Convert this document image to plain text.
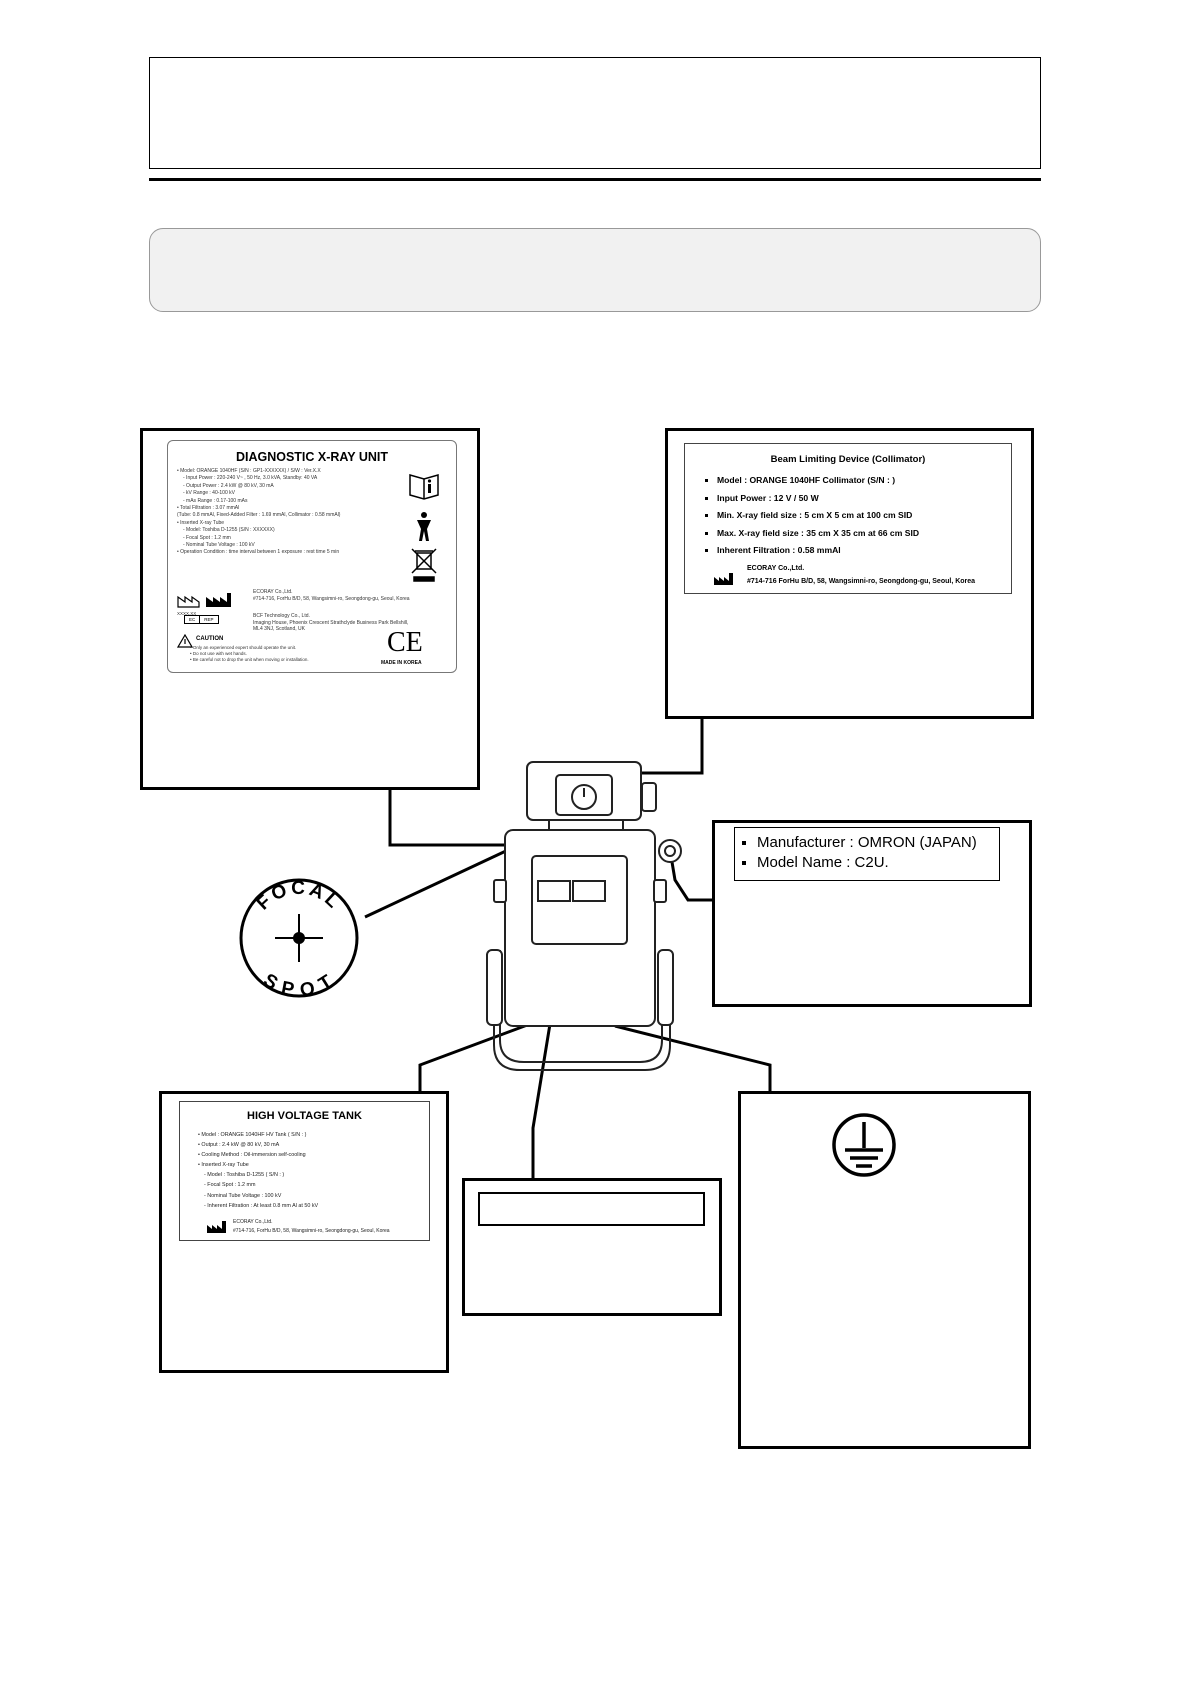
FOCAL
SPOT
DIAGNOSTIC X-RAY UNIT
• Model: ORANGE 1040HF (S/N : GP1-XXXXXX) / S/W : Ver.X.X
- Input Power : 220-240 V~ , 50 Hz, 3.0 kVA, Standby: 40 VA
- Output Power : 2.4 kW @ 80 kV, 30 mA
- kV Range : 40-100 kV
- mAs Range : 0.17-100 mAs
• Total Filtration : 3.07 mmAl
(Tube: 0.8 mmAl, Fixed-Added Filter : 1.69 mmAl, Collimator : 0.58 mmAl)
• Inserted X-ray Tube
- Model: Toshiba D-1255 (S/N : XXXXXX)
- Focal Spot : 1.2 mm
- Nominal Tube Voltage : 100 kV
• Operation Condition : time interval between 1 exposure : rest time 5 min
XXXX.XX
ECORAY Co.,Ltd.
#714-716, ForHu B/D, 58, Wangsimni-ro, Seongdong-gu, Seoul, Korea
EC	REP
BCF Technology Co., Ltd.
Imaging House, Phoenix Crescent Strathclyde Business Park Bellshill,
ML4 3NJ, Scotland, UK
CAUTION
• Only an experienced expert should operate the unit.
• Do not use with wet hands.
• Be careful not to drop the unit when moving or installation.
CE
MADE IN KOREA
Beam Limiting Device (Collimator)
▪ Model : ORANGE 1040HF Collimator (S/N : )
▪ Input Power : 12 V / 50 W
▪ Min. X-ray field size : 5 cm X 5 cm at 100 cm SID
▪ Max. X-ray field size : 35 cm X 35 cm at 66 cm SID
▪ Inherent Filtration : 0.58 mmAl
ECORAY Co.,Ltd.
#714-716 ForHu B/D, 58, Wangsimni-ro, Seongdong-gu, Seoul, Korea
▪ Manufacturer : OMRON (JAPAN)
▪ Model Name : C2U.
HIGH VOLTAGE TANK
• Model : ORANGE 1040HF HV Tank ( S/N : )
• Output : 2.4 kW @ 80 kV, 30 mA
• Cooling Method : Oil-immersion self-cooling
• Inserted X-ray Tube
- Model : Toshiba D-1255 ( S/N : )
- Focal Spot : 1.2 mm
- Nominal Tube Voltage : 100 kV
- Inherent Filtration : At least 0.8 mm Al at 50 kV
ECORAY Co.,Ltd.
#714-716, ForHu B/D, 58, Wangsimni-ro, Seongdong-gu, Seoul, Korea
